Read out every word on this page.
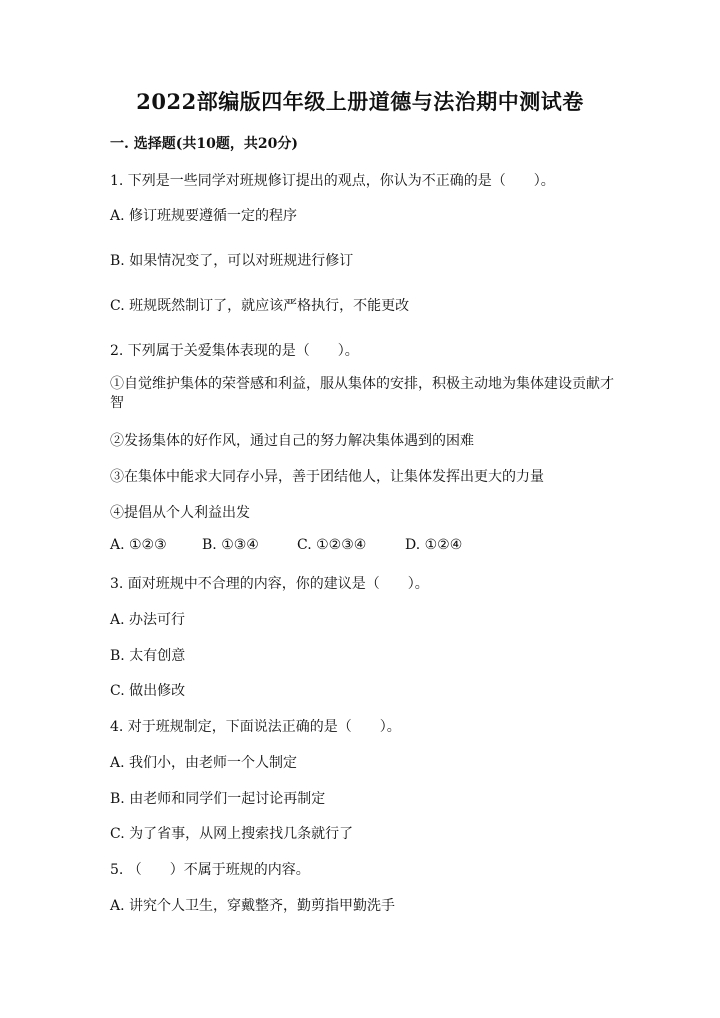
2022部编版四年级上册道德与法治期中测试卷
一. 选择题(共10题，共20分)
1. 下列是一些同学对班规修订提出的观点，你认为不正确的是（　　）。
A. 修订班规要遵循一定的程序
B. 如果情况变了，可以对班规进行修订
C. 班规既然制订了，就应该严格执行，不能更改
2. 下列属于关爱集体表现的是（　　）。
①自觉维护集体的荣誉感和利益，服从集体的安排，积极主动地为集体建设贡献才智
②发扬集体的好作风，通过自己的努力解决集体遇到的困难
③在集体中能求大同存小异，善于团结他人，让集体发挥出更大的力量
④提倡从个人利益出发
A. ①②③	B. ①③④	C. ①②③④	D. ①②④
3. 面对班规中不合理的内容，你的建议是（　　）。
A. 办法可行
B. 太有创意
C. 做出修改
4. 对于班规制定，下面说法正确的是（　　）。
A. 我们小，由老师一个人制定
B. 由老师和同学们一起讨论再制定
C. 为了省事，从网上搜索找几条就行了
5. （　　）不属于班规的内容。
A. 讲究个人卫生，穿戴整齐，勤剪指甲勤洗手
